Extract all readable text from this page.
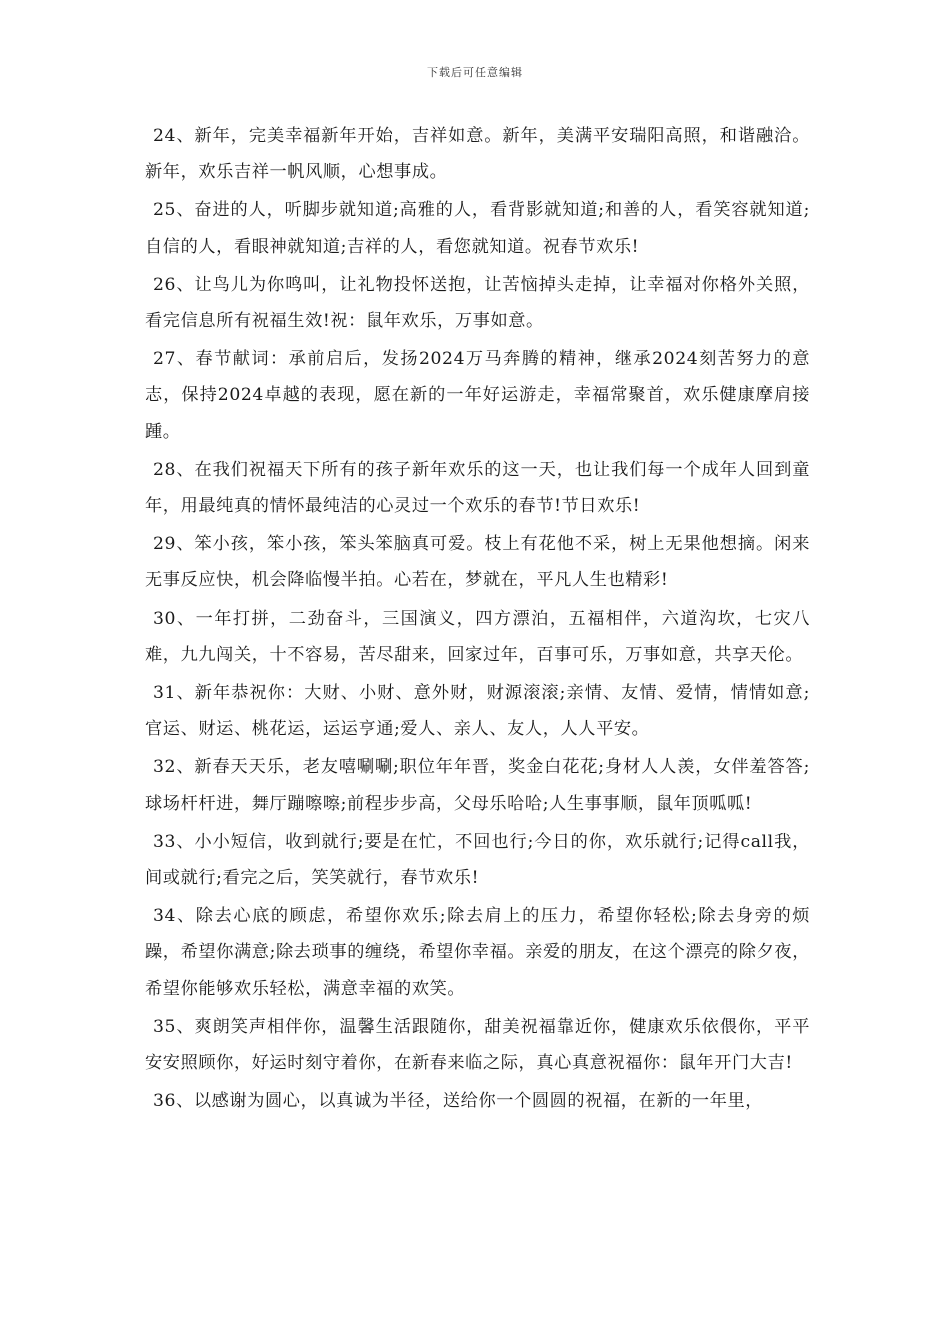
下载后可任意编辑

24、新年，完美幸福新年开始，吉祥如意。新年，美满平安瑞阳高照，和谐融洽。新年，欢乐吉祥一帆风顺，心想事成。

25、奋进的人，听脚步就知道;高雅的人，看背影就知道;和善的人，看笑容就知道;自信的人，看眼神就知道;吉祥的人，看您就知道。祝春节欢乐!

26、让鸟儿为你鸣叫，让礼物投怀送抱，让苦恼掉头走掉，让幸福对你格外关照，看完信息所有祝福生效!祝：鼠年欢乐，万事如意。

27、春节献词：承前启后，发扬2024万马奔腾的精神，继承2024刻苦努力的意志，保持2024卓越的表现，愿在新的一年好运游走，幸福常聚首，欢乐健康摩肩接踵。

28、在我们祝福天下所有的孩子新年欢乐的这一天，也让我们每一个成年人回到童年，用最纯真的情怀最纯洁的心灵过一个欢乐的春节!节日欢乐!

29、笨小孩，笨小孩，笨头笨脑真可爱。枝上有花他不采，树上无果他想摘。闲来无事反应快，机会降临慢半拍。心若在，梦就在，平凡人生也精彩!

30、一年打拼，二劲奋斗，三国演义，四方漂泊，五福相伴，六道沟坎，七灾八难，九九闯关，十不容易，苦尽甜来，回家过年，百事可乐，万事如意，共享天伦。

31、新年恭祝你：大财、小财、意外财，财源滚滚;亲情、友情、爱情，情情如意;官运、财运、桃花运，运运亨通;爱人、亲人、友人，人人平安。

32、新春天天乐，老友嘻唰唰;职位年年晋，奖金白花花;身材人人羡，女伴羞答答;球场杆杆进，舞厅蹦嚓嚓;前程步步高，父母乐哈哈;人生事事顺，鼠年顶呱呱!

33、小小短信，收到就行;要是在忙，不回也行;今日的你，欢乐就行;记得call我，间或就行;看完之后，笑笑就行，春节欢乐!

34、除去心底的顾虑，希望你欢乐;除去肩上的压力，希望你轻松;除去身旁的烦躁，希望你满意;除去琐事的缠绕，希望你幸福。亲爱的朋友，在这个漂亮的除夕夜，希望你能够欢乐轻松，满意幸福的欢笑。

35、爽朗笑声相伴你，温馨生活跟随你，甜美祝福靠近你，健康欢乐依偎你，平平安安照顾你，好运时刻守着你，在新春来临之际，真心真意祝福你：鼠年开门大吉!

36、以感谢为圆心，以真诚为半径，送给你一个圆圆的祝福，在新的一年里，
